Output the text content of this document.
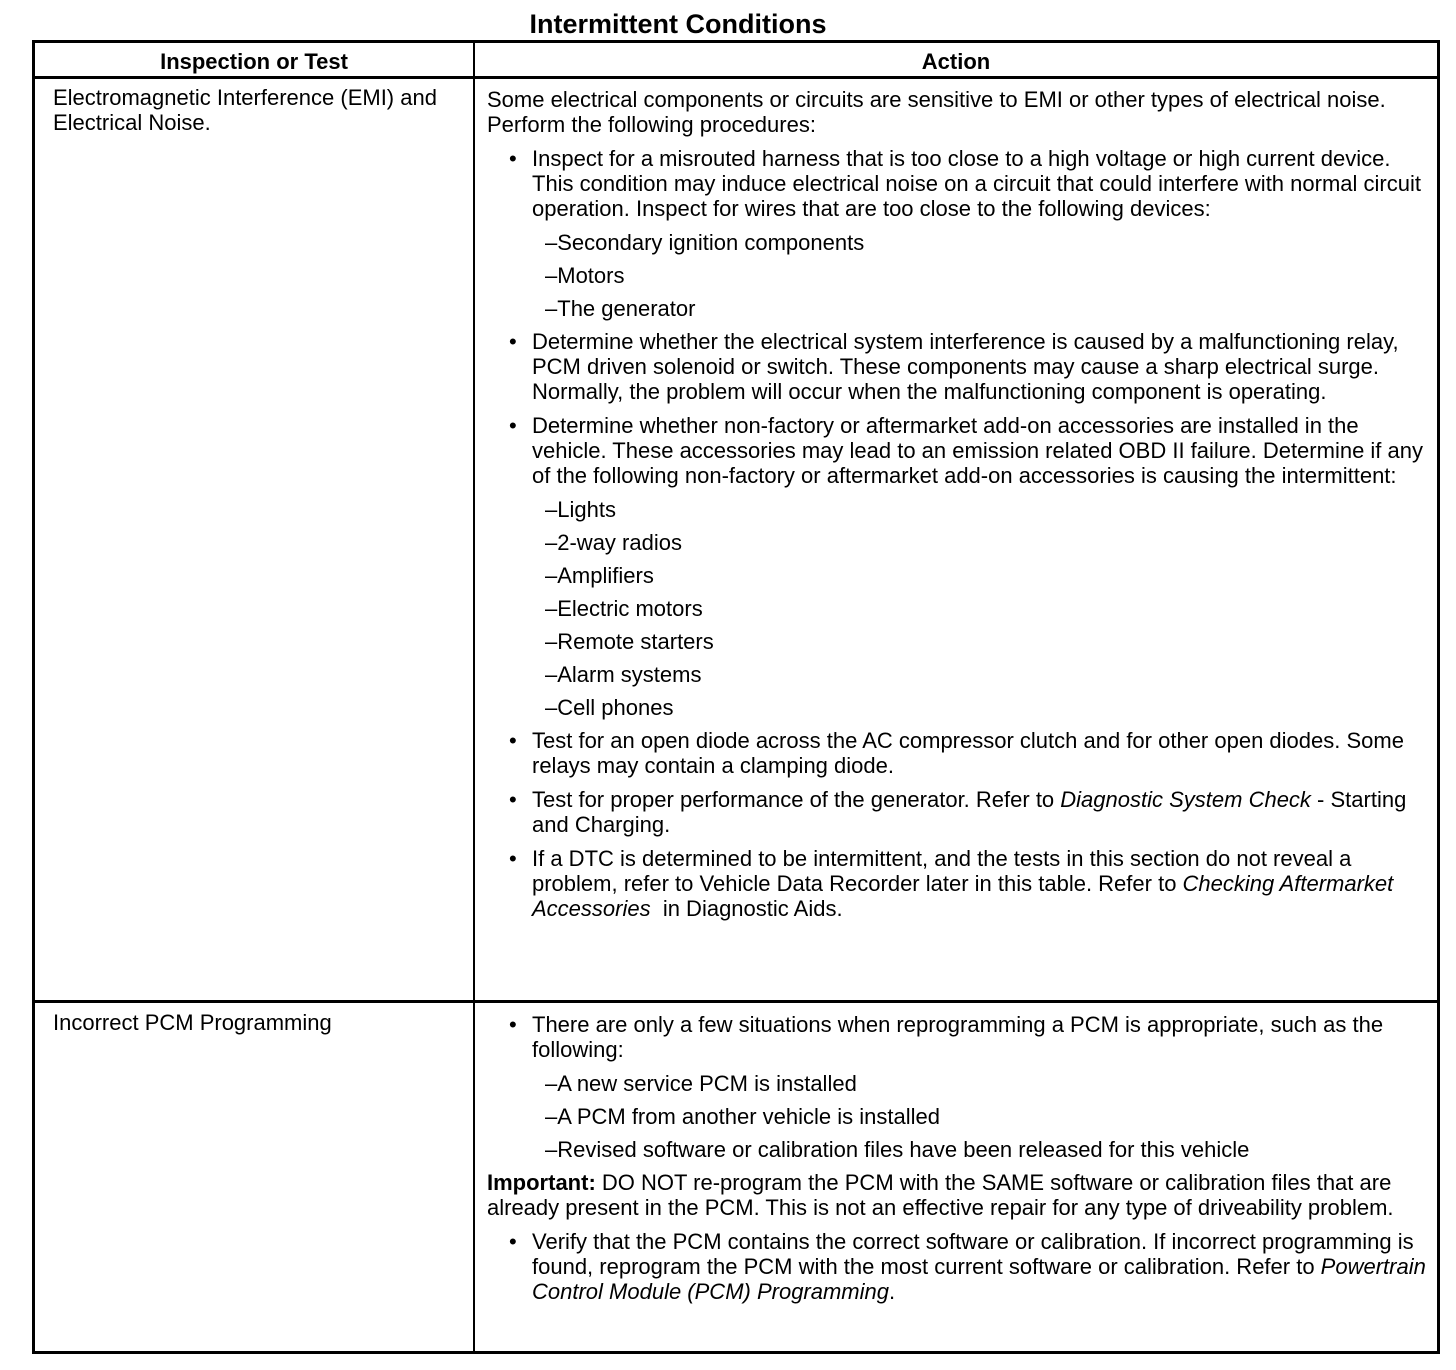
Intermittent Conditions
Inspection or Test	Action
Electromagnetic Interference (EMI) and Electrical Noise.

Some electrical components or circuits are sensitive to EMI or other types of electrical noise. Perform the following procedures:

• Inspect for a misrouted harness that is too close to a high voltage or high current device. This condition may induce electrical noise on a circuit that could interfere with normal circuit operation. Inspect for wires that are too close to the following devices:
– Secondary ignition components
– Motors
– The generator
• Determine whether the electrical system interference is caused by a malfunctioning relay, PCM driven solenoid or switch. These components may cause a sharp electrical surge. Normally, the problem will occur when the malfunctioning component is operating.
• Determine whether non-factory or aftermarket add-on accessories are installed in the vehicle. These accessories may lead to an emission related OBD II failure. Determine if any of the following non-factory or aftermarket add-on accessories is causing the intermittent:
– Lights
– 2-way radios
– Amplifiers
– Electric motors
– Remote starters
– Alarm systems
– Cell phones
• Test for an open diode across the AC compressor clutch and for other open diodes. Some relays may contain a clamping diode.
• Test for proper performance of the generator. Refer to Diagnostic System Check - Starting and Charging.
• If a DTC is determined to be intermittent, and the tests in this section do not reveal a problem, refer to Vehicle Data Recorder later in this table. Refer to Checking Aftermarket Accessories  in Diagnostic Aids.
Incorrect PCM Programming	• There are only a few situations when reprogramming a PCM is appropriate, such as the following:
– A new service PCM is installed
– A PCM from another vehicle is installed
– Revised software or calibration files have been released for this vehicle

Important: DO NOT re-program the PCM with the SAME software or calibration files that are already present in the PCM. This is not an effective repair for any type of driveability problem.

• Verify that the PCM contains the correct software or calibration. If incorrect programming is found, reprogram the PCM with the most current software or calibration. Refer to Powertrain Control Module (PCM) Programming.
